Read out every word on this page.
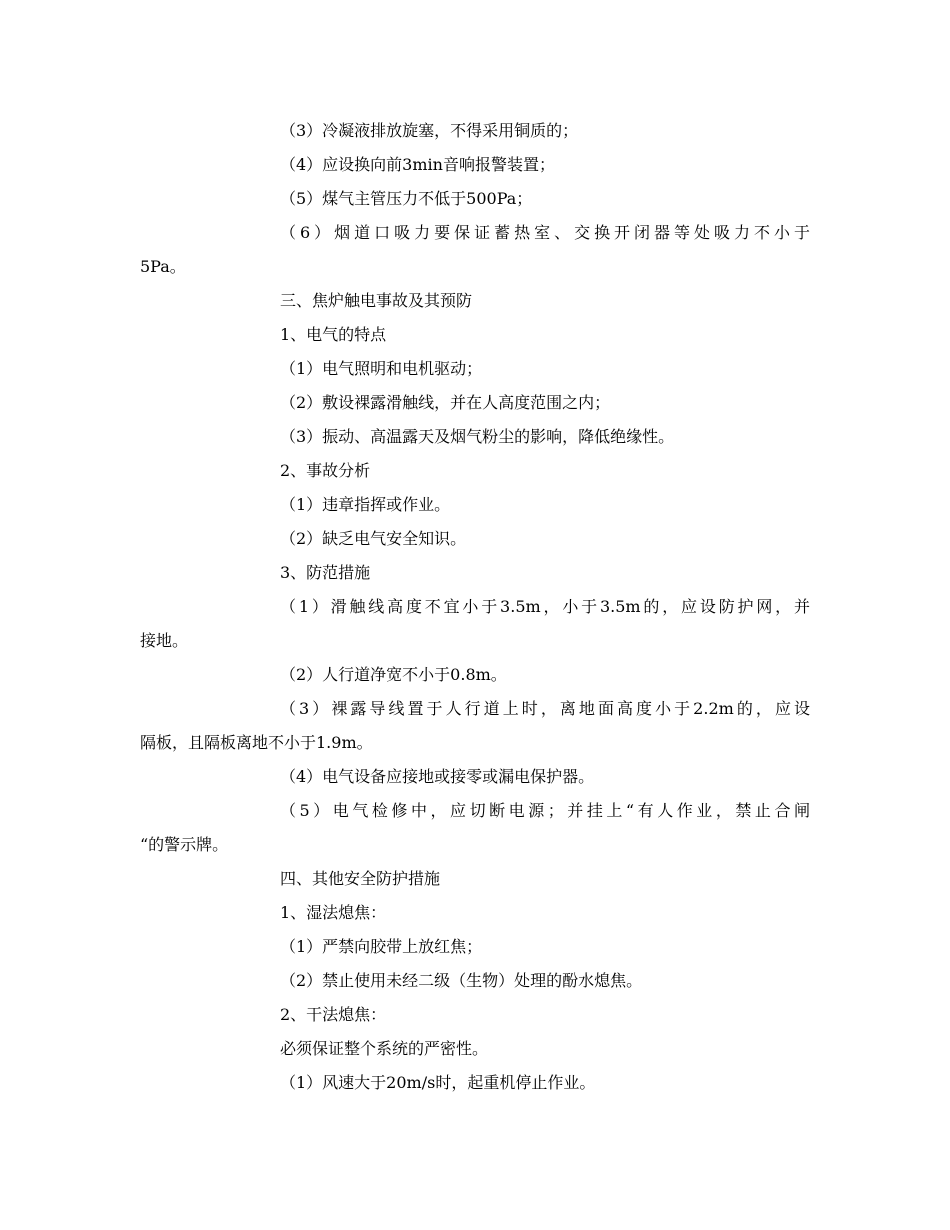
（3）冷凝液排放旋塞，不得采用铜质的；
（4）应设换向前3min音响报警装置；
（5）煤气主管压力不低于500Pa；
（6）烟道口吸力要保证蓄热室、交换开闭器等处吸力不小于
5Pa。
三、焦炉触电事故及其预防
1、电气的特点
（1）电气照明和电机驱动；
（2）敷设裸露滑触线，并在人高度范围之内；
（3）振动、高温露天及烟气粉尘的影响，降低绝缘性。
2、事故分析
（1）违章指挥或作业。
（2）缺乏电气安全知识。
3、防范措施
（1）滑触线高度不宜小于3.5m，小于3.5m的，应设防护网，并
接地。
（2）人行道净宽不小于0.8m。
（3）裸露导线置于人行道上时，离地面高度小于2.2m的，应设
隔板，且隔板离地不小于1.9m。
（4）电气设备应接地或接零或漏电保护器。
（5）电气检修中，应切断电源；并挂上“有人作业，禁止合闸
“的警示牌。
四、其他安全防护措施
1、湿法熄焦：
（1）严禁向胶带上放红焦；
（2）禁止使用未经二级（生物）处理的酚水熄焦。
2、干法熄焦：
必须保证整个系统的严密性。
（1）风速大于20m/s时，起重机停止作业。
